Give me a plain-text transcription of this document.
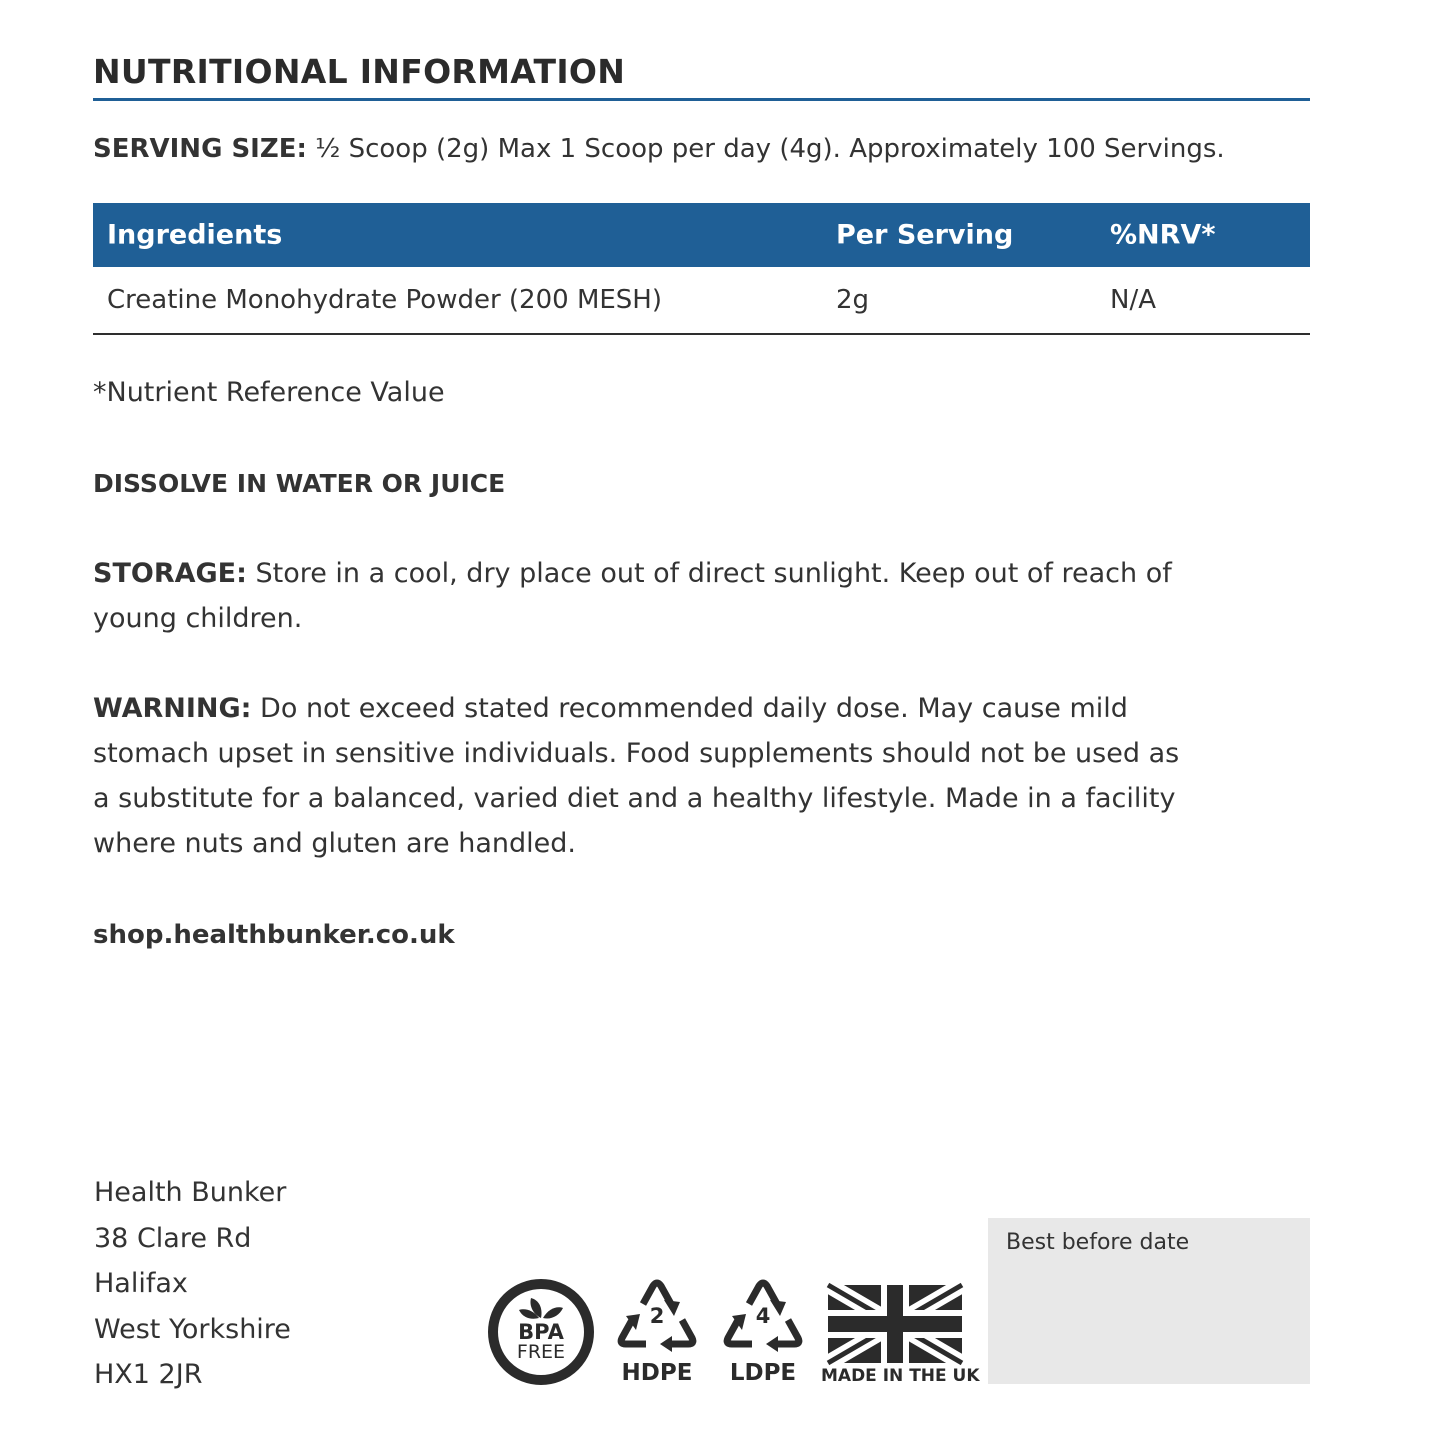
NUTRITIONAL INFORMATION
SERVING SIZE: ½ Scoop (2g) Max 1 Scoop per day (4g). Approximately 100 Servings.
Ingredients	Per Serving	%NRV*
Creatine Monohydrate Powder (200 MESH)	2g	N/A
*Nutrient Reference Value
DISSOLVE IN WATER OR JUICE
STORAGE: Store in a cool, dry place out of direct sunlight. Keep out of reach of young children.
WARNING: Do not exceed stated recommended daily dose. May cause mild stomach upset in sensitive individuals. Food supplements should not be used as a substitute for a balanced, varied diet and a healthy lifestyle. Made in a facility where nuts and gluten are handled.
shop.healthbunker.co.uk
Health Bunker
38 Clare Rd
Halifax
West Yorkshire
HX1 2JR
BPA
FREE
2
HDPE
4
LDPE	MADE IN THE UK
Best before date
